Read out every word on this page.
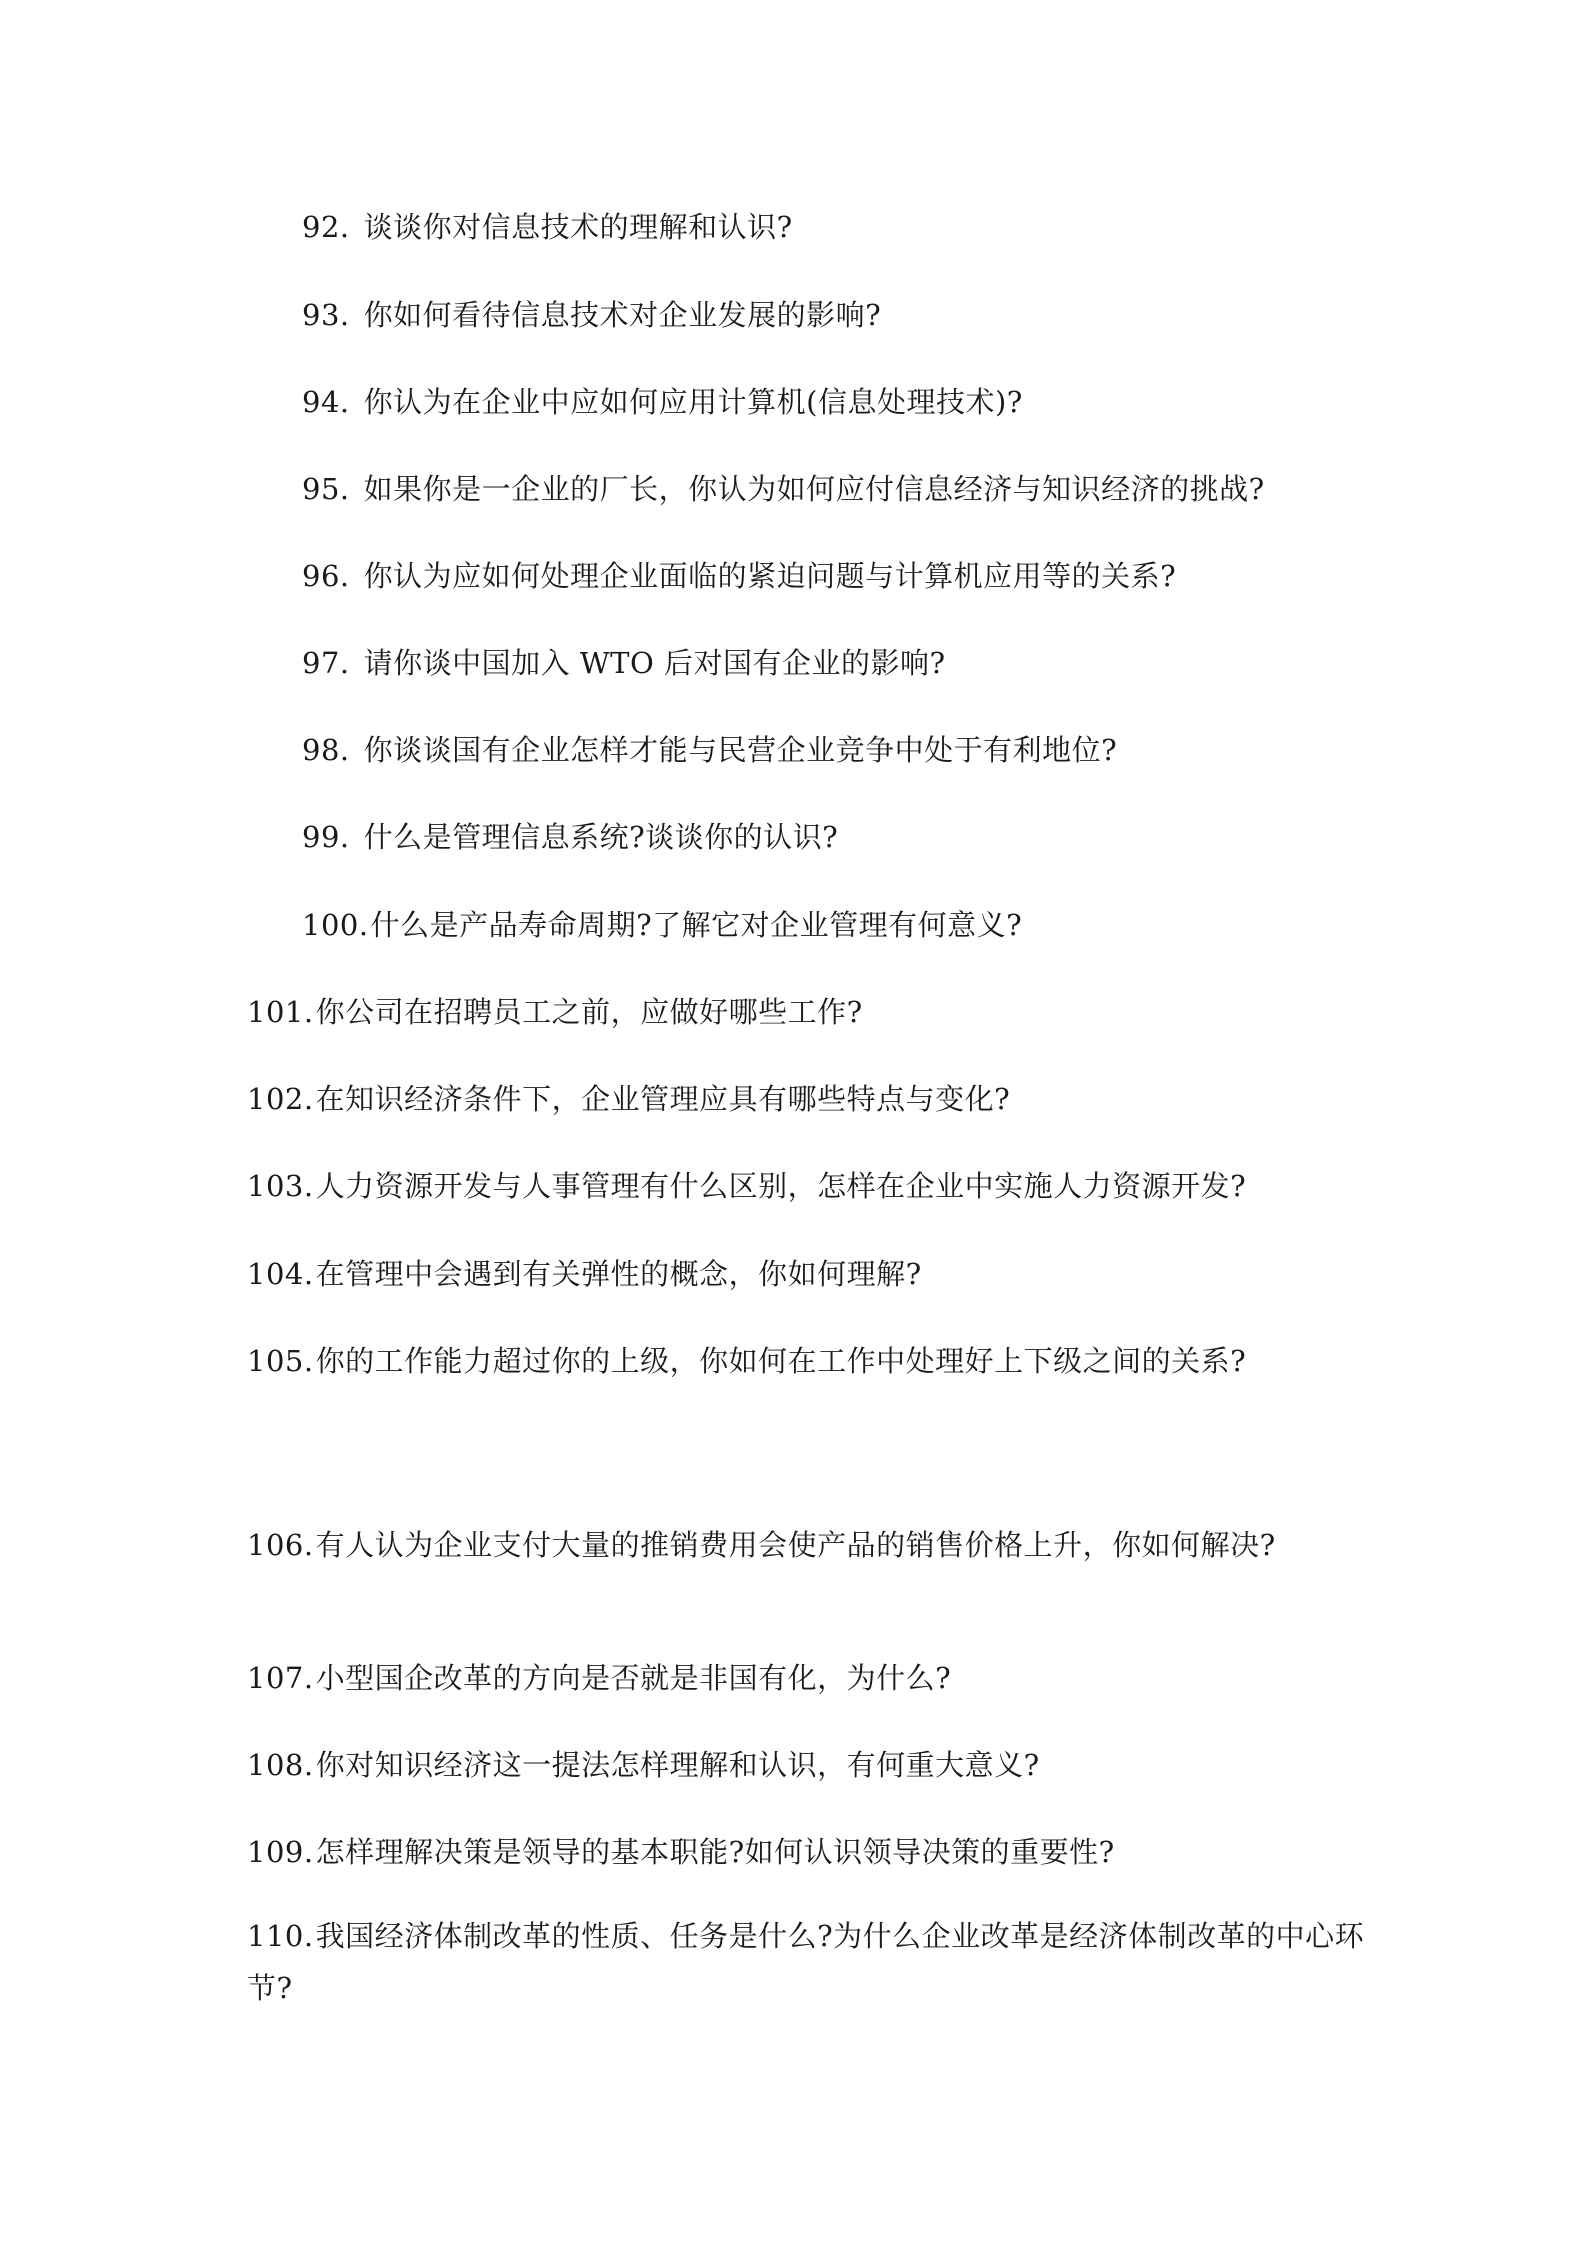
92. 谈谈你对信息技术的理解和认识?
93. 你如何看待信息技术对企业发展的影响?
94. 你认为在企业中应如何应用计算机(信息处理技术)?
95. 如果你是一企业的厂长，你认为如何应付信息经济与知识经济的挑战?
96. 你认为应如何处理企业面临的紧迫问题与计算机应用等的关系?
97. 请你谈中国加入 WTO 后对国有企业的影响?
98. 你谈谈国有企业怎样才能与民营企业竞争中处于有利地位?
99. 什么是管理信息系统?谈谈你的认识?
100.什么是产品寿命周期?了解它对企业管理有何意义?
101.你公司在招聘员工之前，应做好哪些工作?
102.在知识经济条件下，企业管理应具有哪些特点与变化?
103.人力资源开发与人事管理有什么区别，怎样在企业中实施人力资源开发?
104.在管理中会遇到有关弹性的概念，你如何理解?
105.你的工作能力超过你的上级，你如何在工作中处理好上下级之间的关系?
106.有人认为企业支付大量的推销费用会使产品的销售价格上升，你如何解决?
107.小型国企改革的方向是否就是非国有化，为什么?
108.你对知识经济这一提法怎样理解和认识，有何重大意义?
109.怎样理解决策是领导的基本职能?如何认识领导决策的重要性?
110.我国经济体制改革的性质、任务是什么?为什么企业改革是经济体制改革的中心环节?
